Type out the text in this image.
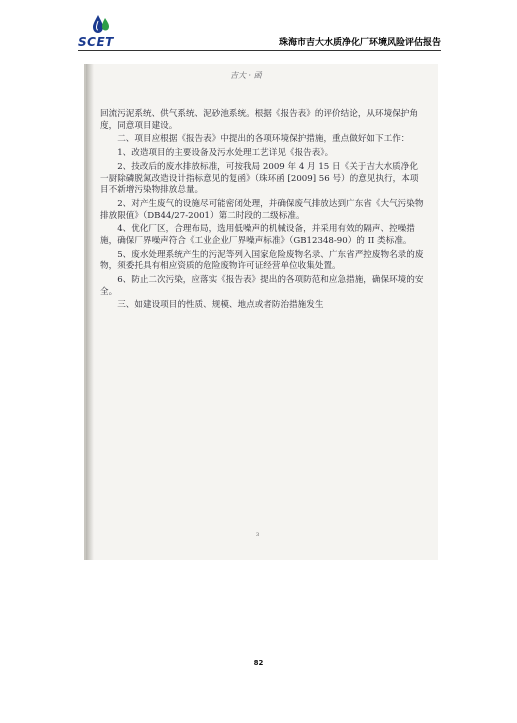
SCET	珠海市吉大水质净化厂环境风险评估报告
吉大 · 函

回流污泥系统、供气系统、泥砂池系统。根据《报告表》的评价结论，从环境保护角度，同意项目建设。

二、项目应根据《报告表》中提出的各项环境保护措施，重点做好如下工作：

1、改造项目的主要设备及污水处理工艺详见《报告表》。

2、技改后的废水排放标准，可按我局 2009 年 4 月 15 日《关于吉大水质净化一厨除磷脱氮改造设计指标意见的复函》（珠环函 [2009] 56 号）的意见执行，本项目不新增污染物排放总量。

2、对产生废气的设施尽可能密闭处理，并确保废气排放达到广东省《大气污染物排放限值》（DB44/27-2001）第二时段的二级标准。

4、优化厂区，合理布局，选用低噪声的机械设备，并采用有效的隔声、控噪措施，确保厂界噪声符合《工业企业厂界噪声标准》（GB12348-90）的 II 类标准。

5、废水处理系统产生的污泥等列入国家危险废物名录、广东省严控废物名录的废物，须委托具有相应资质的危险废物许可证经营单位收集处置。

6、防止二次污染，应落实《报告表》提出的各项防范和应急措施，确保环境的安全。

三、如建设项目的性质、规模、地点或者防治措施发生

3
82
